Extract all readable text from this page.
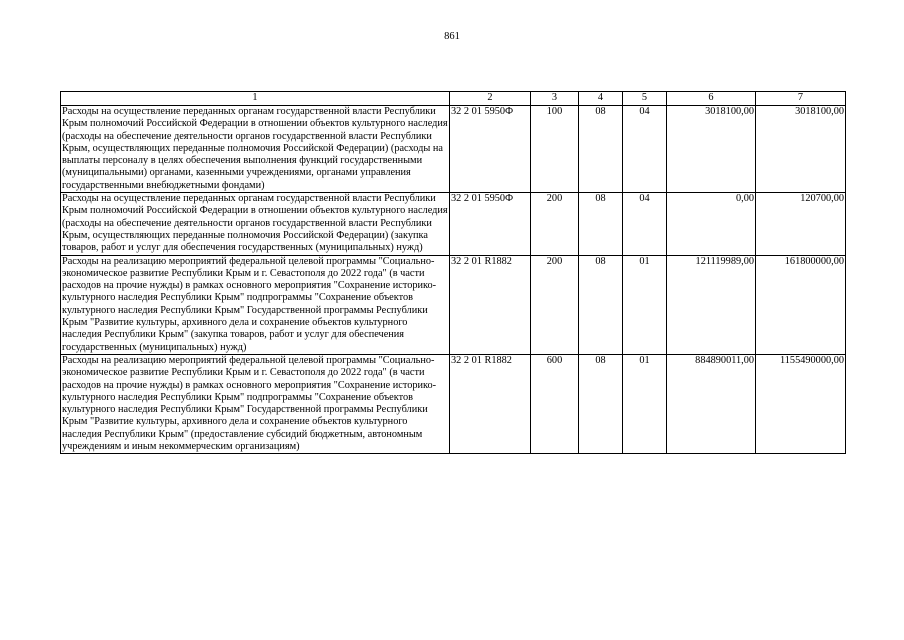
861
1	2	3	4	5	6	7
Расходы на осуществление переданных органам государственной власти Республики Крым полномочий Российской Федерации в отношении объектов культурного наследия (расходы на обеспечение деятельности органов государственной власти Республики Крым, осуществляющих переданные полномочия Российской Федерации) (расходы на выплаты персоналу в целях обеспечения выполнения функций государственными (муниципальными) органами, казенными учреждениями, органами управления государственными внебюджетными фондами)	32 2 01 5950Ф	100	08	04	3018100,00	3018100,00
Расходы на осуществление переданных органам государственной власти Республики Крым полномочий Российской Федерации в отношении объектов культурного наследия (расходы на обеспечение деятельности органов государственной власти Республики Крым, осуществляющих переданные полномочия Российской Федерации) (закупка товаров, работ и услуг для обеспечения государственных (муниципальных) нужд)	32 2 01 5950Ф	200	08	04	0,00	120700,00
Расходы на реализацию мероприятий федеральной целевой программы "Социально-экономическое развитие Республики Крым и г. Севастополя до 2022 года" (в части расходов на прочие нужды) в рамках основного мероприятия "Сохранение историко-культурного наследия Республики Крым" подпрограммы "Сохранение объектов культурного наследия Республики Крым" Государственной программы Республики Крым "Развитие культуры, архивного дела и сохранение объектов культурного наследия Республики Крым" (закупка товаров, работ и услуг для обеспечения государственных (муниципальных) нужд)	32 2 01 R1882	200	08	01	121119989,00	161800000,00
Расходы на реализацию мероприятий федеральной целевой программы "Социально-экономическое развитие Республики Крым и г. Севастополя до 2022 года" (в части расходов на прочие нужды) в рамках основного мероприятия "Сохранение историко-культурного наследия Республики Крым" подпрограммы "Сохранение объектов культурного наследия Республики Крым" Государственной программы Республики Крым "Развитие культуры, архивного дела и сохранение объектов культурного наследия Республики Крым" (предоставление субсидий бюджетным, автономным учреждениям и иным некоммерческим организациям)	32 2 01 R1882	600	08	01	884890011,00	1155490000,00
